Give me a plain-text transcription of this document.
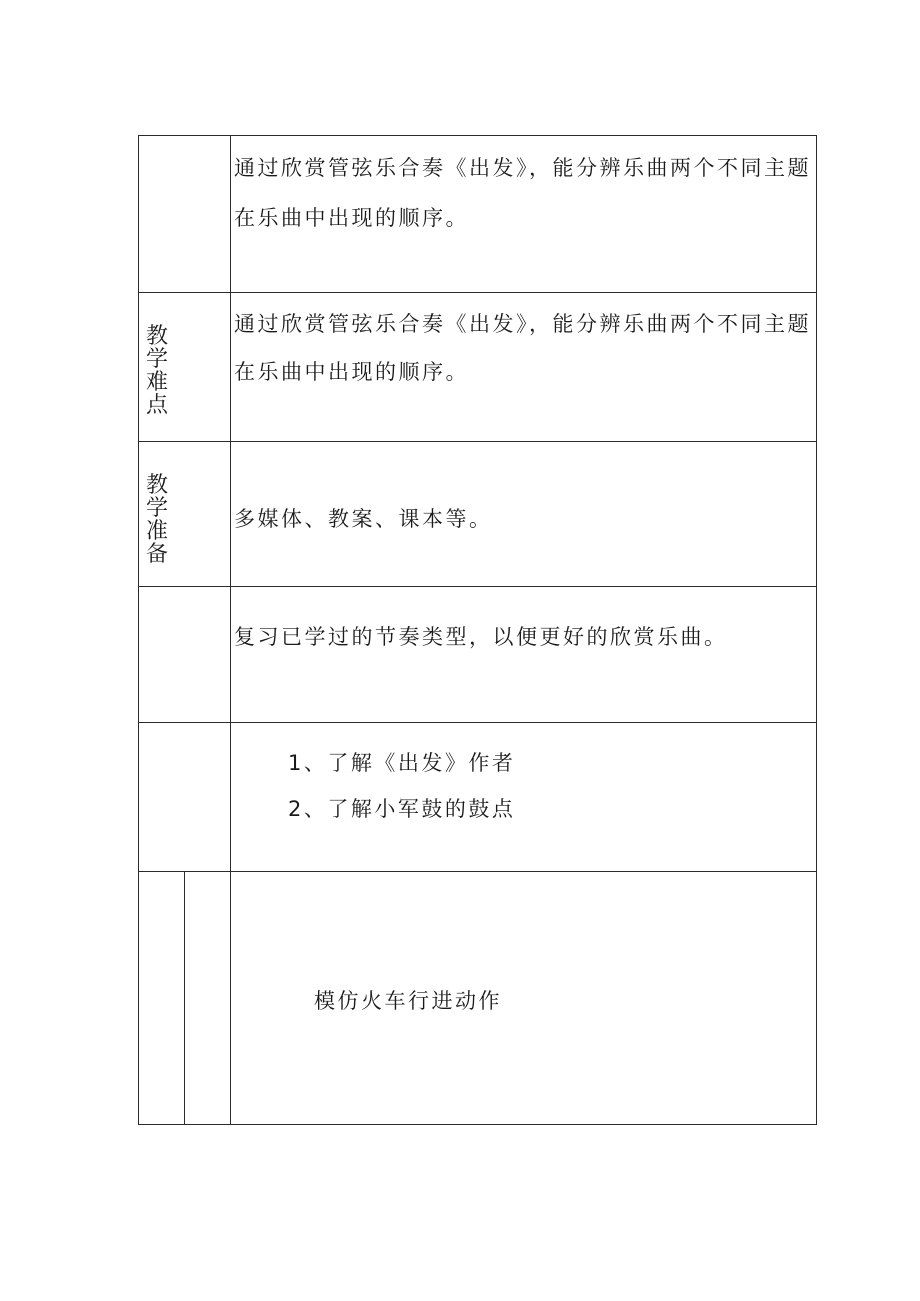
通过欣赏管弦乐合奏《出发》，能分辨乐曲两个不同主题
在乐曲中出现的顺序。
教学难点
通过欣赏管弦乐合奏《出发》，能分辨乐曲两个不同主题
在乐曲中出现的顺序。
教学准备
多媒体、教案、课本等。
复习已学过的节奏类型，以便更好的欣赏乐曲。
1、了解《出发》作者
2、了解小军鼓的鼓点
模仿火车行进动作
